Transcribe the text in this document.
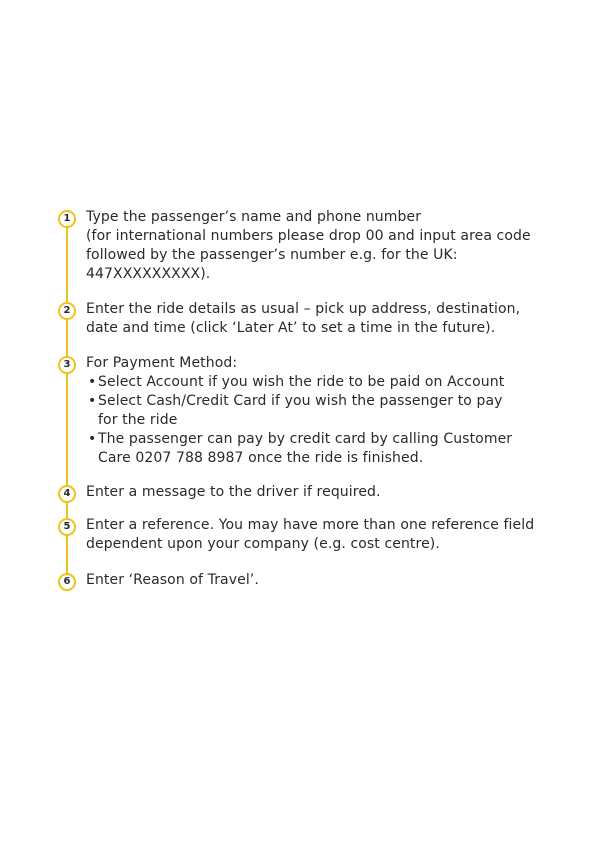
1	Type the passenger’s name and phone number
(for international numbers please drop 00 and input area code
followed by the passenger’s number e.g. for the UK:
447XXXXXXXXX).
2	Enter the ride details as usual – pick up address, destination,
date and time (click ‘Later At’ to set a time in the future).
3	For Payment Method:
• Select Account if you wish the ride to be paid on Account
• Select Cash/Credit Card if you wish the passenger to pay
for the ride
• The passenger can pay by credit card by calling Customer
Care 0207 788 8987 once the ride is finished.
4	Enter a message to the driver if required.
5	Enter a reference. You may have more than one reference field
dependent upon your company (e.g. cost centre).
6	Enter ‘Reason of Travel’.
